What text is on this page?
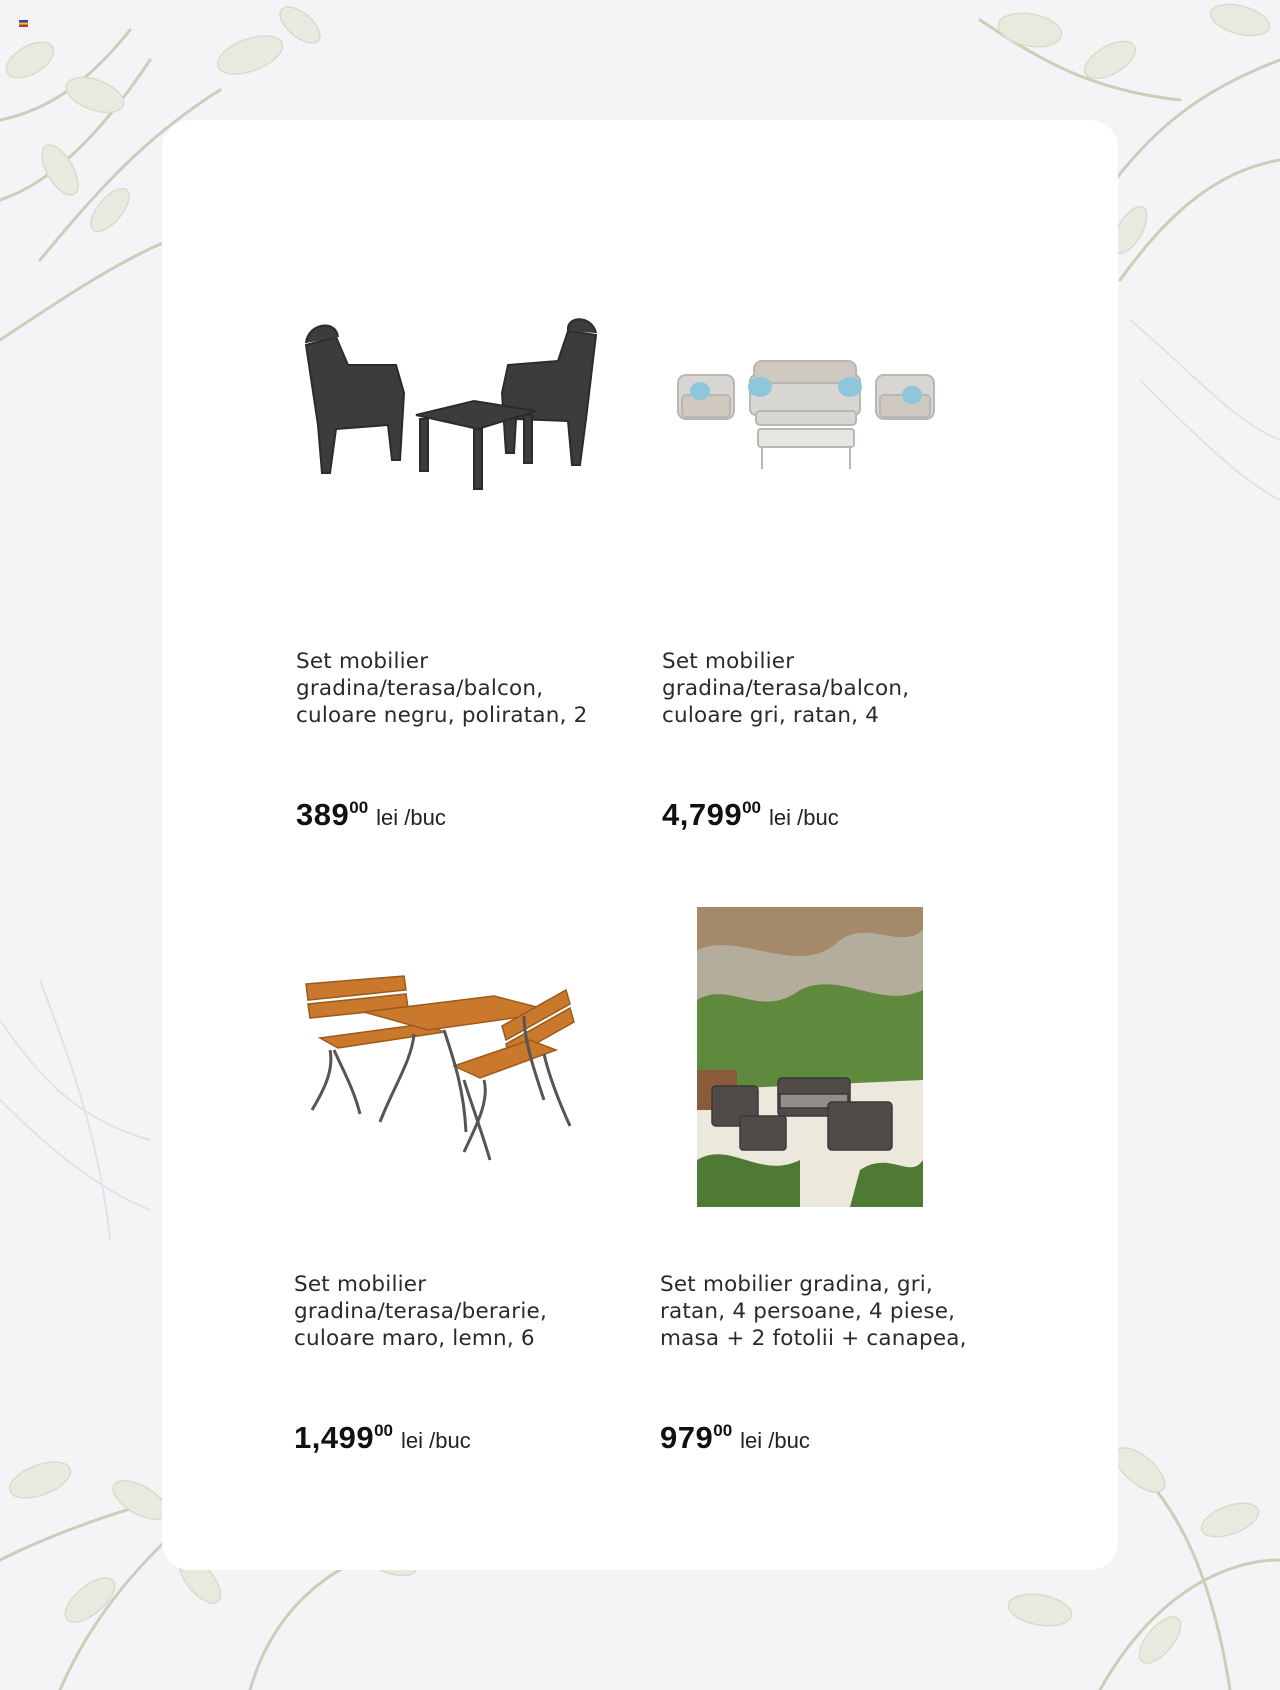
Set mobilier gradina/terasa/balcon, culoare negru, poliratan, 2
38900 lei /buc
Set mobilier gradina/terasa/balcon, culoare gri, ratan, 4
4,79900 lei /buc
Set mobilier gradina/terasa/berarie, culoare maro, lemn, 6
1,49900 lei /buc
Set mobilier gradina, gri, ratan, 4 persoane, 4 piese, masa + 2 fotolii + canapea,
97900 lei /buc
